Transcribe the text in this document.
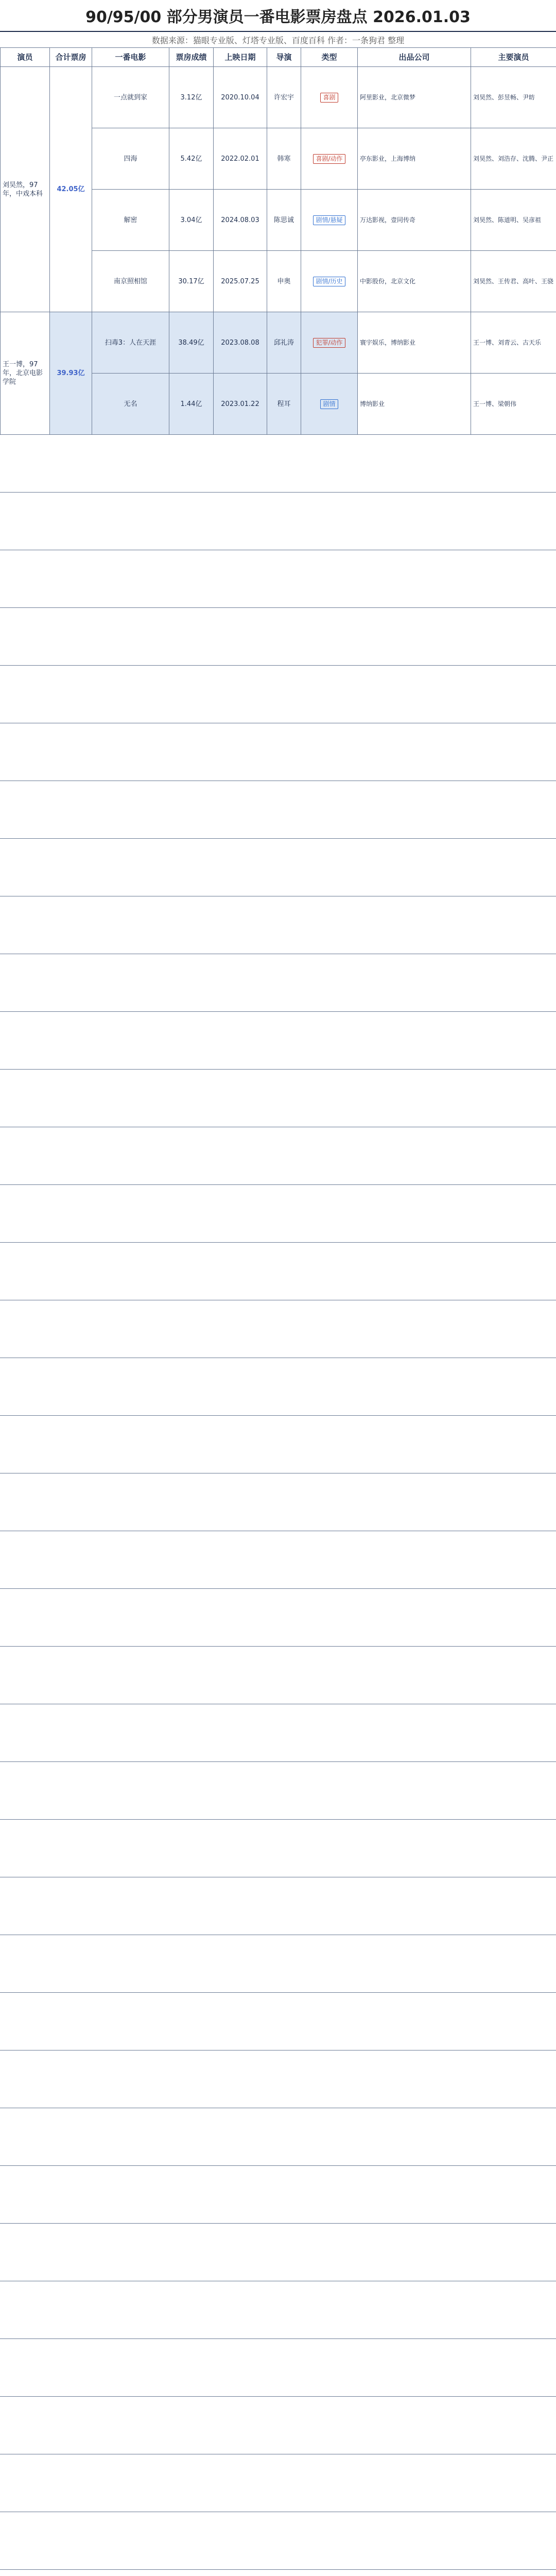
90/95/00 部分男演员一番电影票房盘点 2026.01.03
数据来源：猫眼专业版、灯塔专业版、百度百科 作者：一条狗君 整理
演员	合计票房	一番电影	票房成绩	上映日期	导演	类型	出品公司	主要演员
刘昊然，97年，中戏本科	42.05亿	一点就到家	3.12亿	2020.10.04	许宏宇	喜剧	阿里影业，北京微梦	刘昊然、彭昱畅、尹昉
		四海	5.42亿	2022.02.01	韩寒	喜剧/动作	亭东影业，上海博纳	刘昊然、刘浩存、沈腾、尹正
		解密	3.04亿	2024.08.03	陈思诚	剧情/悬疑	万达影视，壹同传奇	刘昊然、陈道明、吴彦祖
		南京照相馆	30.17亿	2025.07.25	申奥	剧情/历史	中影股份，北京文化	刘昊然、王传君、高叶、王骁
王一博，97年，北京电影学院	39.93亿	扫毒3：人在天涯	38.49亿	2023.08.08	邱礼涛	犯罪/动作	寰宇娱乐，博纳影业	王一博、刘青云、古天乐
		无名	1.44亿	2023.01.22	程耳	剧情	博纳影业	王一博、梁朝伟
